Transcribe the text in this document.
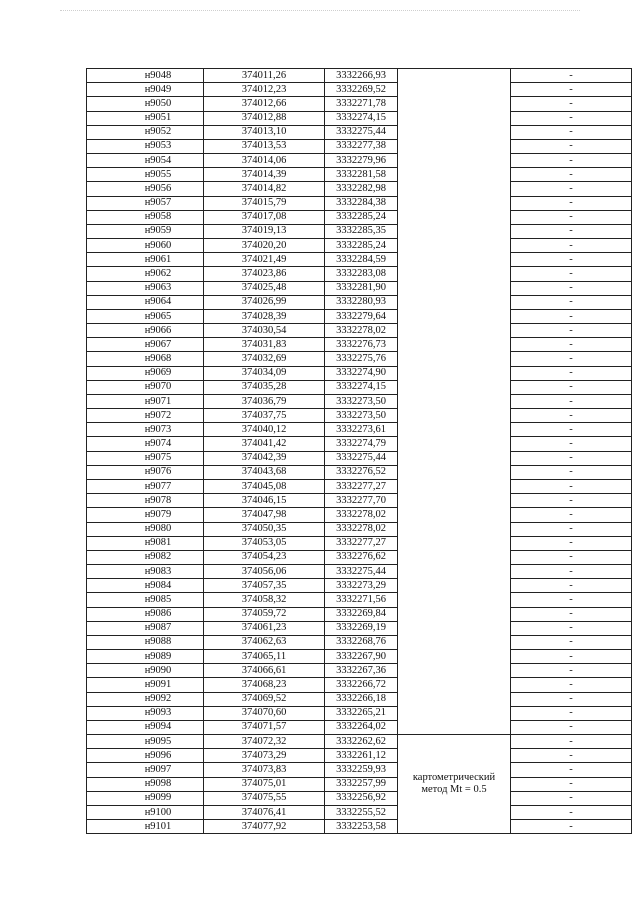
н9048	374011,26	3332266,93		-
н9049	374012,23	3332269,52		-
н9050	374012,66	3332271,78		-
н9051	374012,88	3332274,15		-
н9052	374013,10	3332275,44		-
н9053	374013,53	3332277,38		-
н9054	374014,06	3332279,96		-
н9055	374014,39	3332281,58		-
н9056	374014,82	3332282,98		-
н9057	374015,79	3332284,38		-
н9058	374017,08	3332285,24		-
н9059	374019,13	3332285,35		-
н9060	374020,20	3332285,24		-
н9061	374021,49	3332284,59		-
н9062	374023,86	3332283,08		-
н9063	374025,48	3332281,90		-
н9064	374026,99	3332280,93		-
н9065	374028,39	3332279,64		-
н9066	374030,54	3332278,02		-
н9067	374031,83	3332276,73		-
н9068	374032,69	3332275,76		-
н9069	374034,09	3332274,90		-
н9070	374035,28	3332274,15		-
н9071	374036,79	3332273,50		-
н9072	374037,75	3332273,50		-
н9073	374040,12	3332273,61		-
н9074	374041,42	3332274,79		-
н9075	374042,39	3332275,44		-
н9076	374043,68	3332276,52		-
н9077	374045,08	3332277,27		-
н9078	374046,15	3332277,70		-
н9079	374047,98	3332278,02		-
н9080	374050,35	3332278,02		-
н9081	374053,05	3332277,27		-
н9082	374054,23	3332276,62		-
н9083	374056,06	3332275,44		-
н9084	374057,35	3332273,29		-
н9085	374058,32	3332271,56		-
н9086	374059,72	3332269,84		-
н9087	374061,23	3332269,19		-
н9088	374062,63	3332268,76		-
н9089	374065,11	3332267,90		-
н9090	374066,61	3332267,36		-
н9091	374068,23	3332266,72		-
н9092	374069,52	3332266,18		-
н9093	374070,60	3332265,21		-
н9094	374071,57	3332264,02		-
н9095	374072,32	3332262,62	картометрический
метод Mt = 0.5	-
н9096	374073,29	3332261,12		-
н9097	374073,83	3332259,93		-
н9098	374075,01	3332257,99		-
н9099	374075,55	3332256,92		-
н9100	374076,41	3332255,52		-
н9101	374077,92	3332253,58		-
